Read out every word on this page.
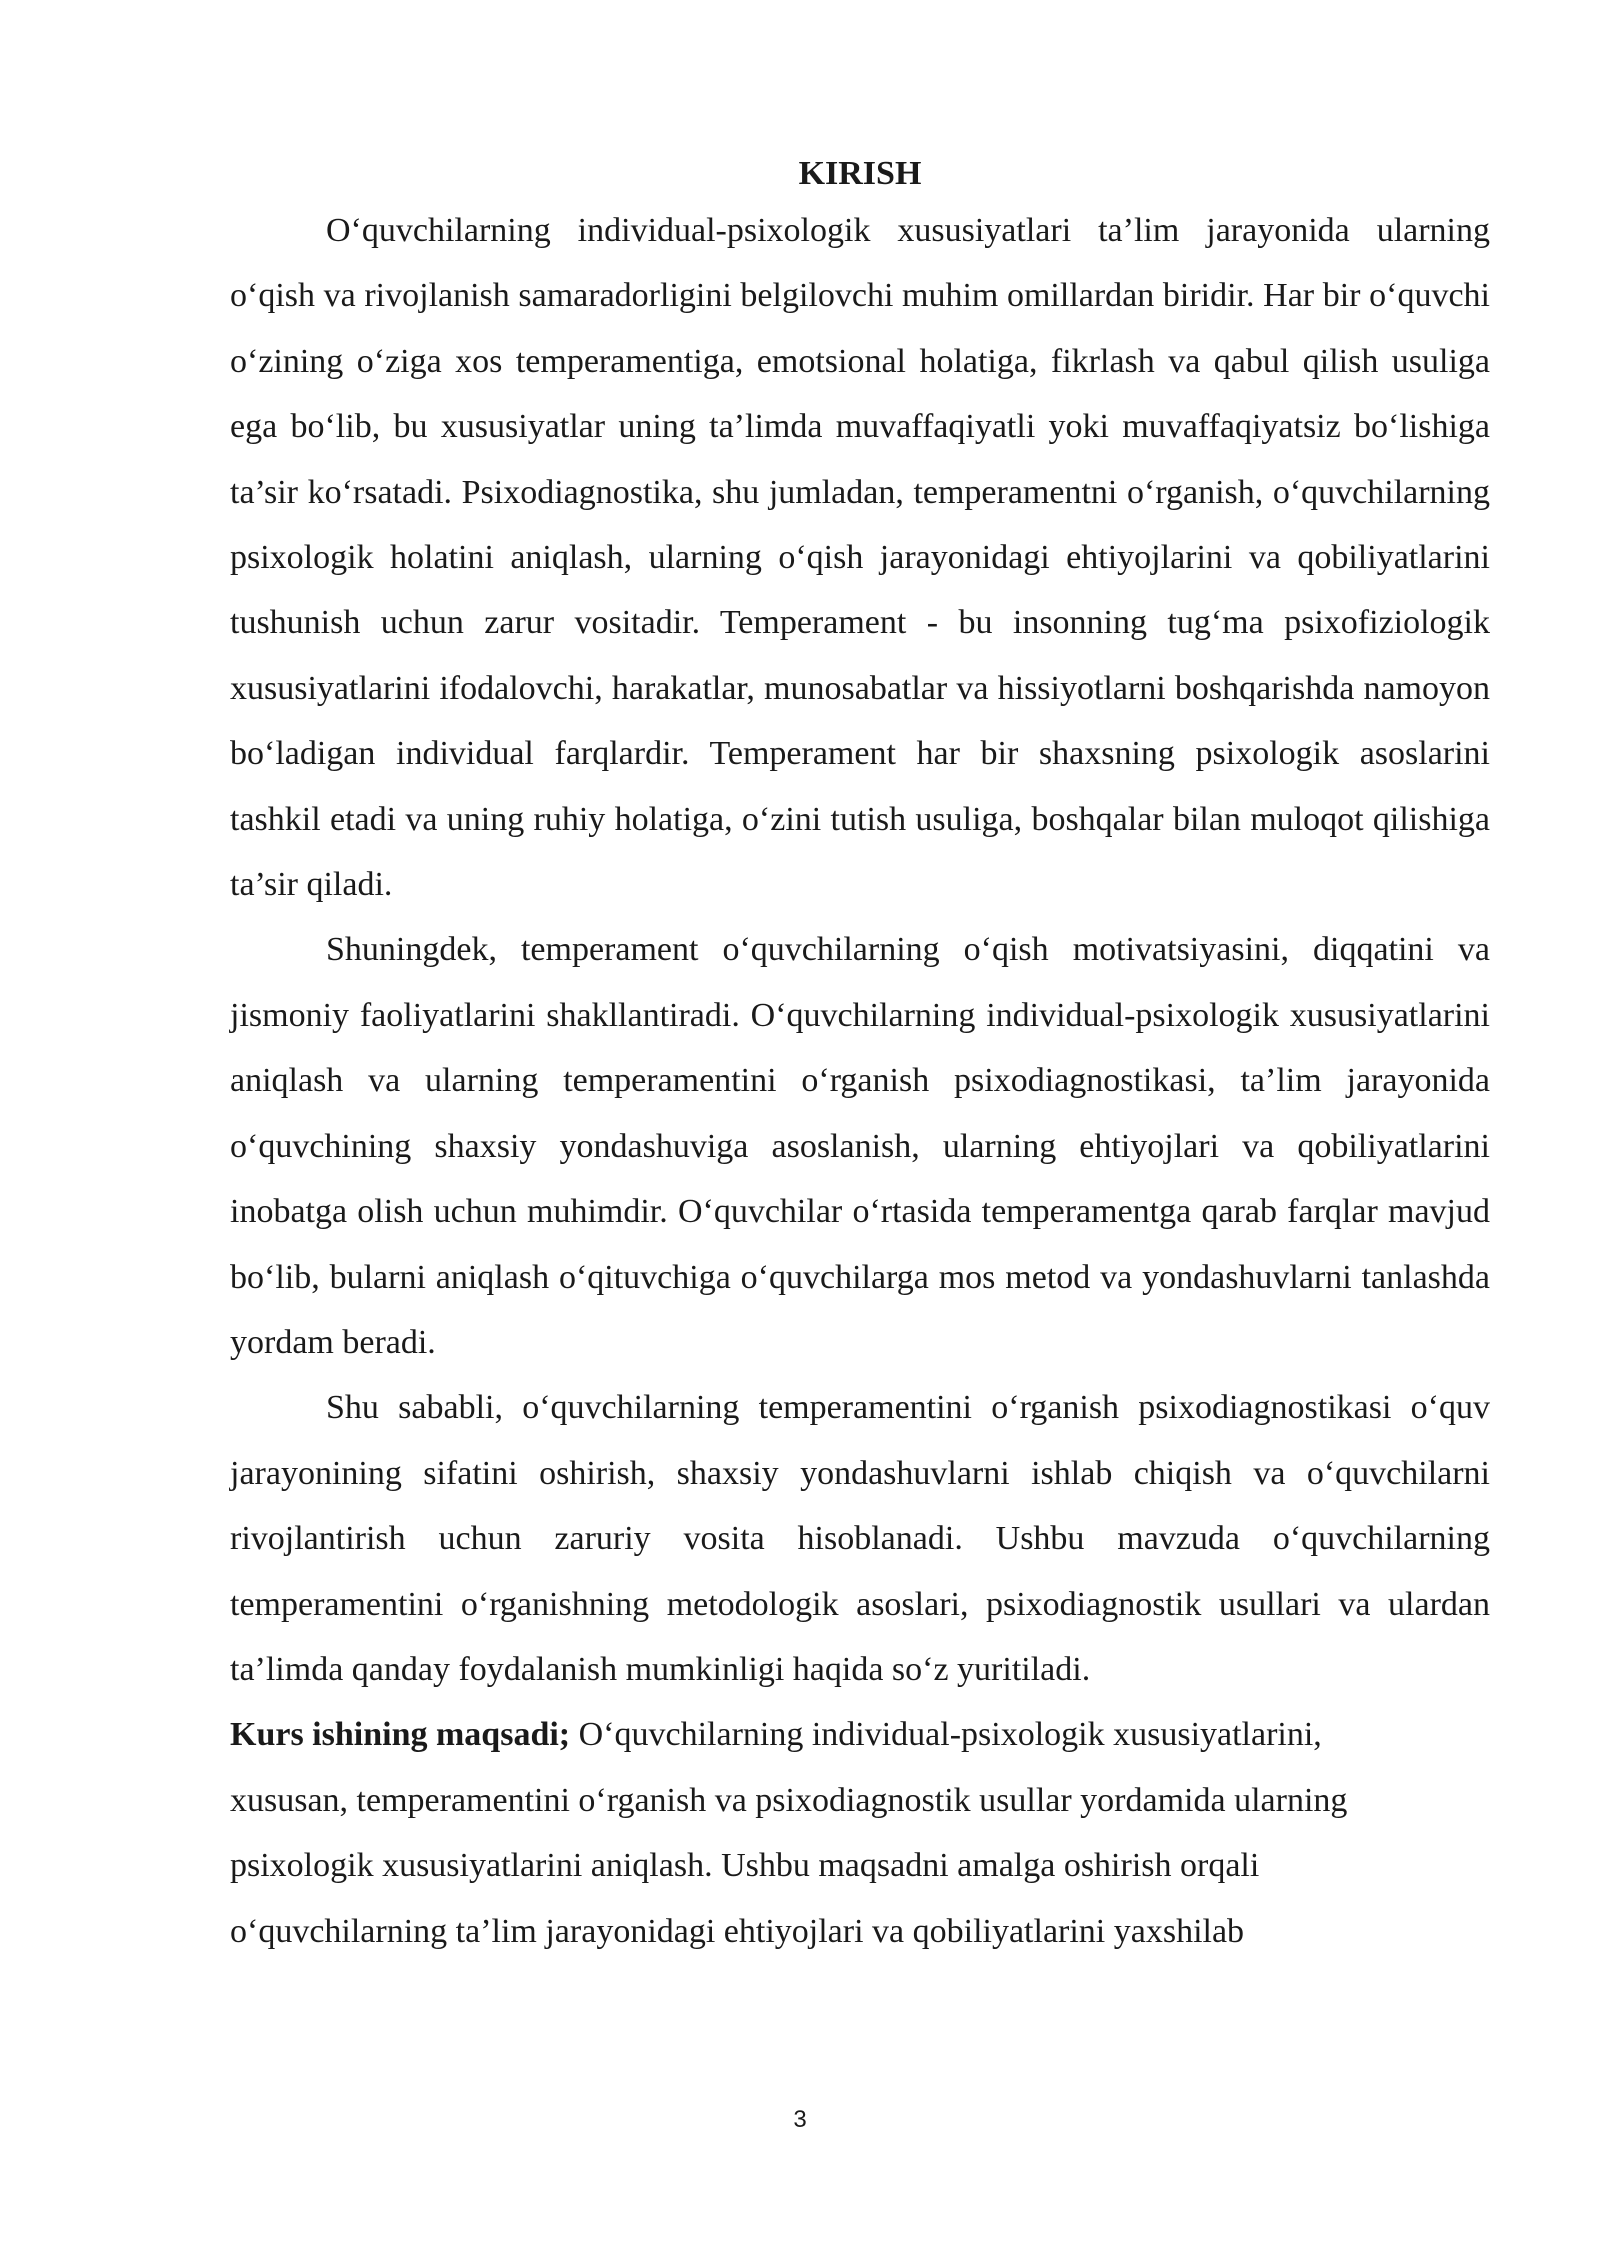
KIRISH

O‘quvchilarning individual-psixologik xususiyatlari ta’lim jarayonida ularning o‘qish va rivojlanish samaradorligini belgilovchi muhim omillardan biridir. Har bir o‘quvchi o‘zining o‘ziga xos temperamentiga, emotsional holatiga, fikrlash va qabul qilish usuliga ega bo‘lib, bu xususiyatlar uning ta’limda muvaffaqiyatli yoki muvaffaqiyatsiz bo‘lishiga ta’sir ko‘rsatadi. Psixodiagnostika, shu jumladan, temperamentni o‘rganish, o‘quvchilarning psixologik holatini aniqlash, ularning o‘qish jarayonidagi ehtiyojlarini va qobiliyatlarini tushunish uchun zarur vositadir. Temperament - bu insonning tug‘ma psixofiziologik xususiyatlarini ifodalovchi, harakatlar, munosabatlar va hissiyotlarni boshqarishda namoyon bo‘ladigan individual farqlardir. Temperament har bir shaxsning psixologik asoslarini tashkil etadi va uning ruhiy holatiga, o‘zini tutish usuliga, boshqalar bilan muloqot qilishiga ta’sir qiladi.

Shuningdek, temperament o‘quvchilarning o‘qish motivatsiyasini, diqqatini va jismoniy faoliyatlarini shakllantiradi. O‘quvchilarning individual-psixologik xususiyatlarini aniqlash va ularning temperamentini o‘rganish psixodiagnostikasi, ta’lim jarayonida o‘quvchining shaxsiy yondashuviga asoslanish, ularning ehtiyojlari va qobiliyatlarini inobatga olish uchun muhimdir. O‘quvchilar o‘rtasida temperamentga qarab farqlar mavjud bo‘lib, bularni aniqlash o‘qituvchiga o‘quvchilarga mos metod va yondashuvlarni tanlashda yordam beradi.

Shu sababli, o‘quvchilarning temperamentini o‘rganish psixodiagnostikasi o‘quv jarayonining sifatini oshirish, shaxsiy yondashuvlarni ishlab chiqish va o‘quvchilarni rivojlantirish uchun zaruriy vosita hisoblanadi. Ushbu mavzuda o‘quvchilarning temperamentini o‘rganishning metodologik asoslari, psixodiagnostik usullari va ulardan ta’limda qanday foydalanish mumkinligi haqida so‘z yuritiladi.

Kurs ishining maqsadi; O‘quvchilarning individual-psixologik xususiyatlarini,
xususan, temperamentini o‘rganish va psixodiagnostik usullar yordamida ularning
psixologik xususiyatlarini aniqlash. Ushbu maqsadni amalga oshirish orqali
o‘quvchilarning ta’lim jarayonidagi ehtiyojlari va qobiliyatlarini yaxshilab

3
